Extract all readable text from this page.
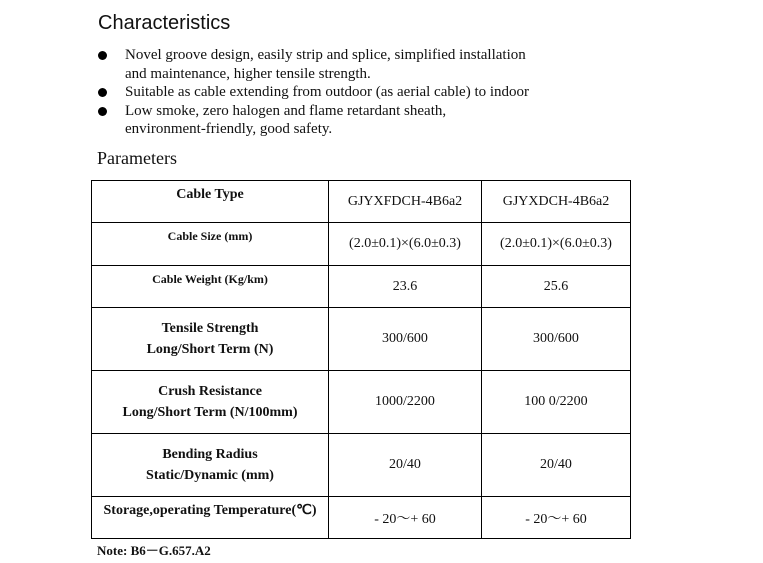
Characteristics
Novel groove design, easily strip and splice, simplified installation
and maintenance, higher tensile strength.
Suitable as cable extending from outdoor (as aerial cable) to indoor
Low smoke, zero halogen and flame retardant sheath,
environment-friendly, good safety.
Parameters
Cable Type	GJYXFDCH-4B6a2	GJYXDCH-4B6a2

Cable Size (mm)	(2.0±0.1)×(6.0±0.3)	(2.0±0.1)×(6.0±0.3)

Cable Weight (Kg/km)	23.6	25.6

Tensile Strength
Long/Short Term (N)	300/600	300/600

Crush Resistance
Long/Short Term (N/100mm)	1000/2200	100 0/2200

Bending Radius
Static/Dynamic (mm)	20/40	20/40

Storage,operating Temperature(℃)	- 20～+ 60	- 20～+ 60
Note: B6－G.657.A2
